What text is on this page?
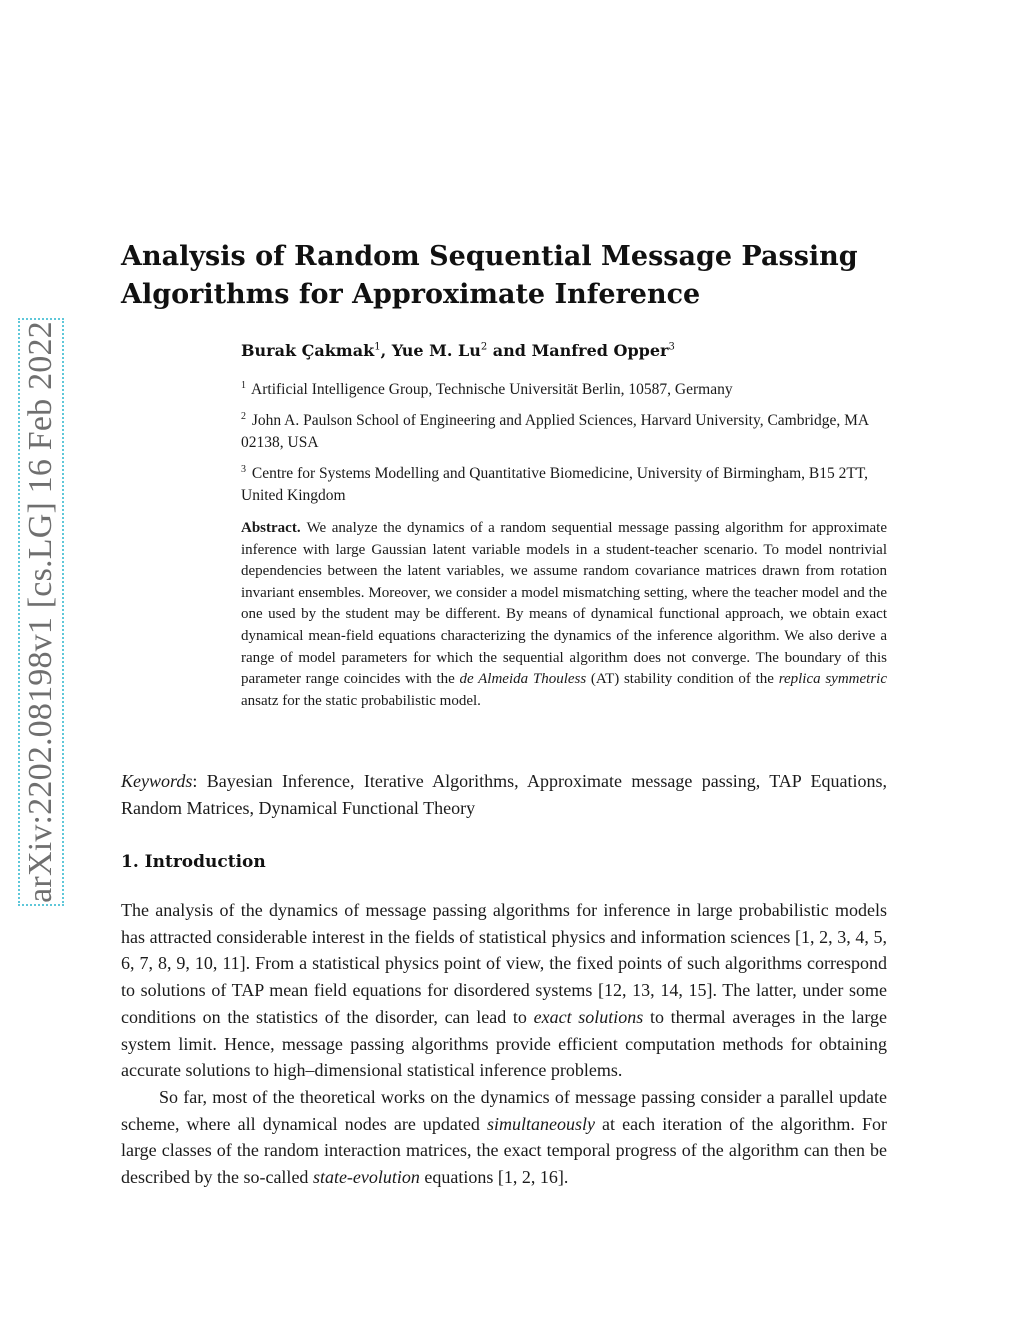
arXiv:2202.08198v1 [cs.LG] 16 Feb 2022
Analysis of Random Sequential Message Passing Algorithms for Approximate Inference
Burak Çakmak$^1$, Yue M. Lu$^2$ and Manfred Opper$^3$
$^1$ Artificial Intelligence Group, Technische Universität Berlin, 10587, Germany
$^2$ John A. Paulson School of Engineering and Applied Sciences, Harvard University, Cambridge, MA 02138, USA
$^3$ Centre for Systems Modelling and Quantitative Biomedicine, University of Birmingham, B15 2TT, United Kingdom
Abstract. We analyze the dynamics of a random sequential message passing algorithm for approximate inference with large Gaussian latent variable models in a student-teacher scenario. To model nontrivial dependencies between the latent variables, we assume random covariance matrices drawn from rotation invariant ensembles. Moreover, we consider a model mismatching setting, where the teacher model and the one used by the student may be different. By means of dynamical functional approach, we obtain exact dynamical mean-field equations characterizing the dynamics of the inference algorithm. We also derive a range of model parameters for which the sequential algorithm does not converge. The boundary of this parameter range coincides with the de Almeida Thouless (AT) stability condition of the replica symmetric ansatz for the static probabilistic model.
Keywords: Bayesian Inference, Iterative Algorithms, Approximate message passing, TAP Equations, Random Matrices, Dynamical Functional Theory
1. Introduction

The analysis of the dynamics of message passing algorithms for inference in large probabilistic models has attracted considerable interest in the fields of statistical physics and information sciences [1, 2, 3, 4, 5, 6, 7, 8, 9, 10, 11]. From a statistical physics point of view, the fixed points of such algorithms correspond to solutions of TAP mean field equations for disordered systems [12, 13, 14, 15]. The latter, under some conditions on the statistics of the disorder, can lead to exact solutions to thermal averages in the large system limit. Hence, message passing algorithms provide efficient computation methods for obtaining accurate solutions to high–dimensional statistical inference problems.

So far, most of the theoretical works on the dynamics of message passing consider a parallel update scheme, where all dynamical nodes are updated simultaneously at each iteration of the algorithm. For large classes of the random interaction matrices, the exact temporal progress of the algorithm can then be described by the so-called state-evolution equations [1, 2, 16].
